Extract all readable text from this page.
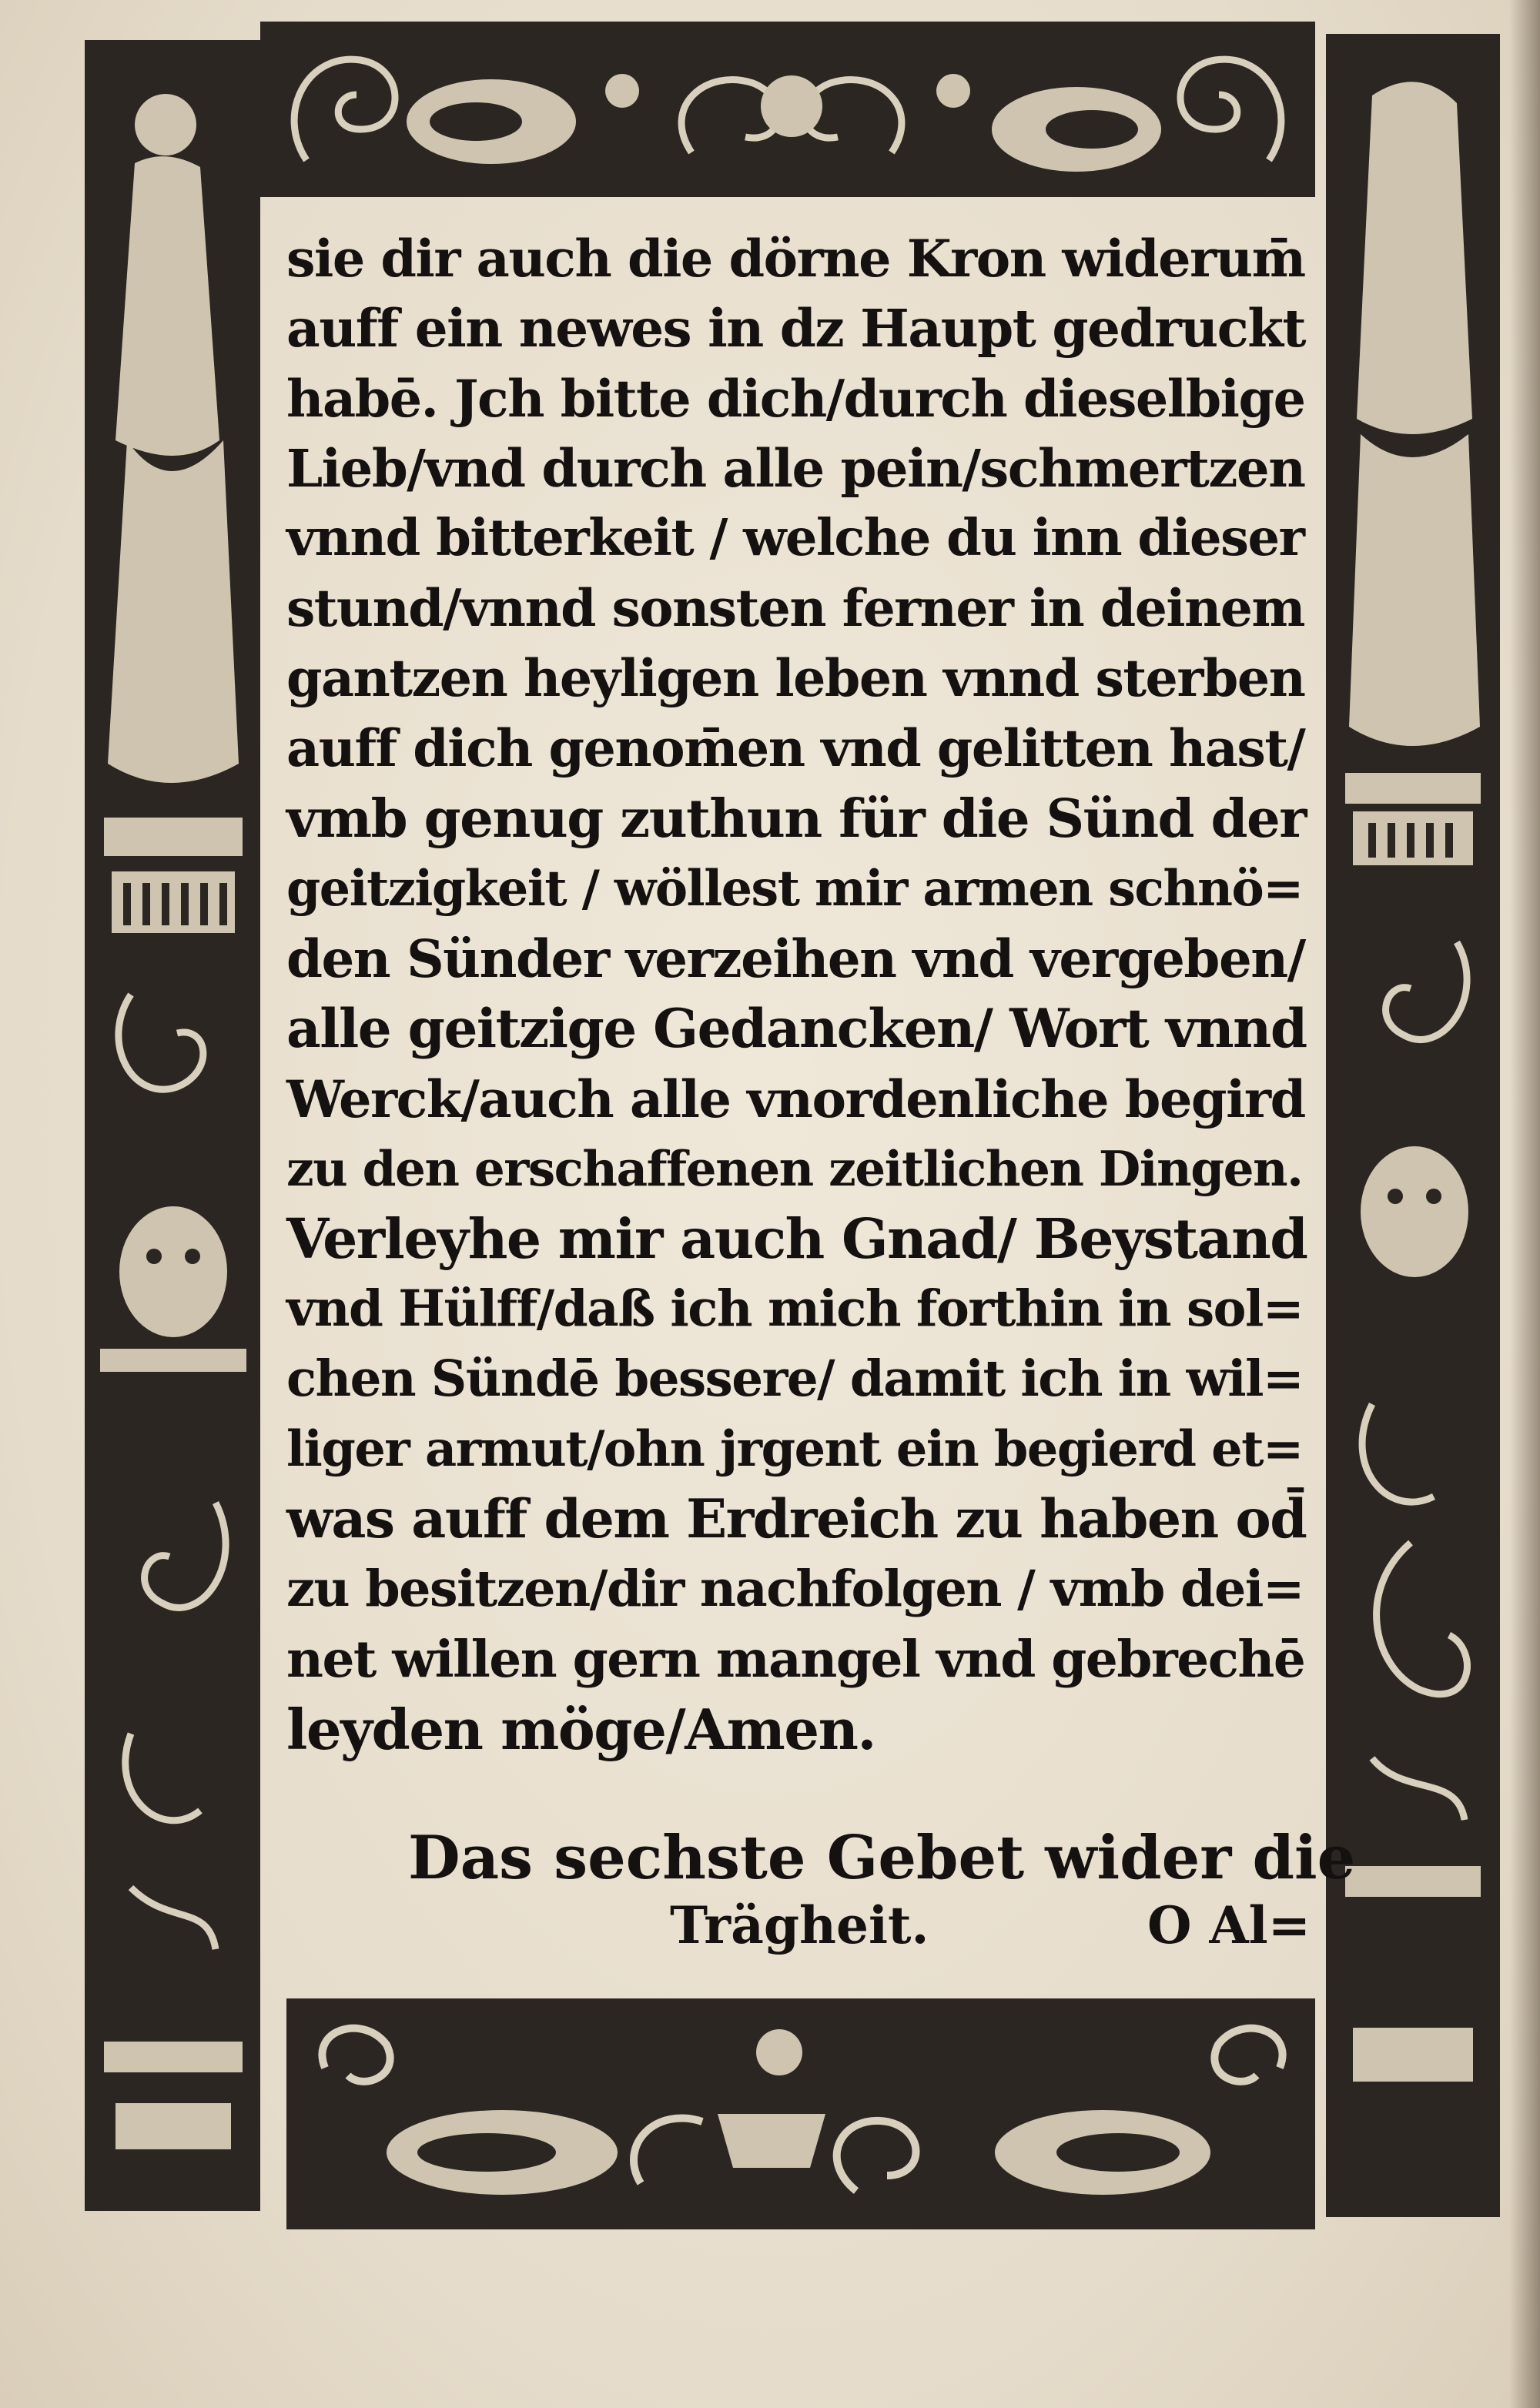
sie dir auch die dörne Kron widerum̄
auff ein newes in dz Haupt gedruckt
habē. Jch bitte dich/durch dieselbige
Lieb/vnd durch alle pein/schmertzen
vnnd bitterkeit / welche du inn dieser
stund/vnnd sonsten ferner in deinem
gantzen heyligen leben vnnd sterben
auff dich genom̄en vnd gelitten hast/
vmb genug zuthun für die Sünd der
geitzigkeit / wöllest mir armen schnö=
den Sünder verzeihen vnd vergeben/
alle geitzige Gedancken/ Wort vnnd
Werck/auch alle vnordenliche begird
zu den erschaffenen zeitlichen Dingen.
Verleyhe mir auch Gnad/ Beystand
vnd Hülff/daß ich mich forthin in sol=
chen Sündē bessere/ damit ich in wil=
liger armut/ohn jrgent ein begierd et=
was auff dem Erdreich zu haben od̄
zu besitzen/dir nachfolgen / vmb dei=
net willen gern mangel vnd gebrechē
leyden möge/Amen.
Das sechste Gebet wider die
Trägheit.	O Al=
